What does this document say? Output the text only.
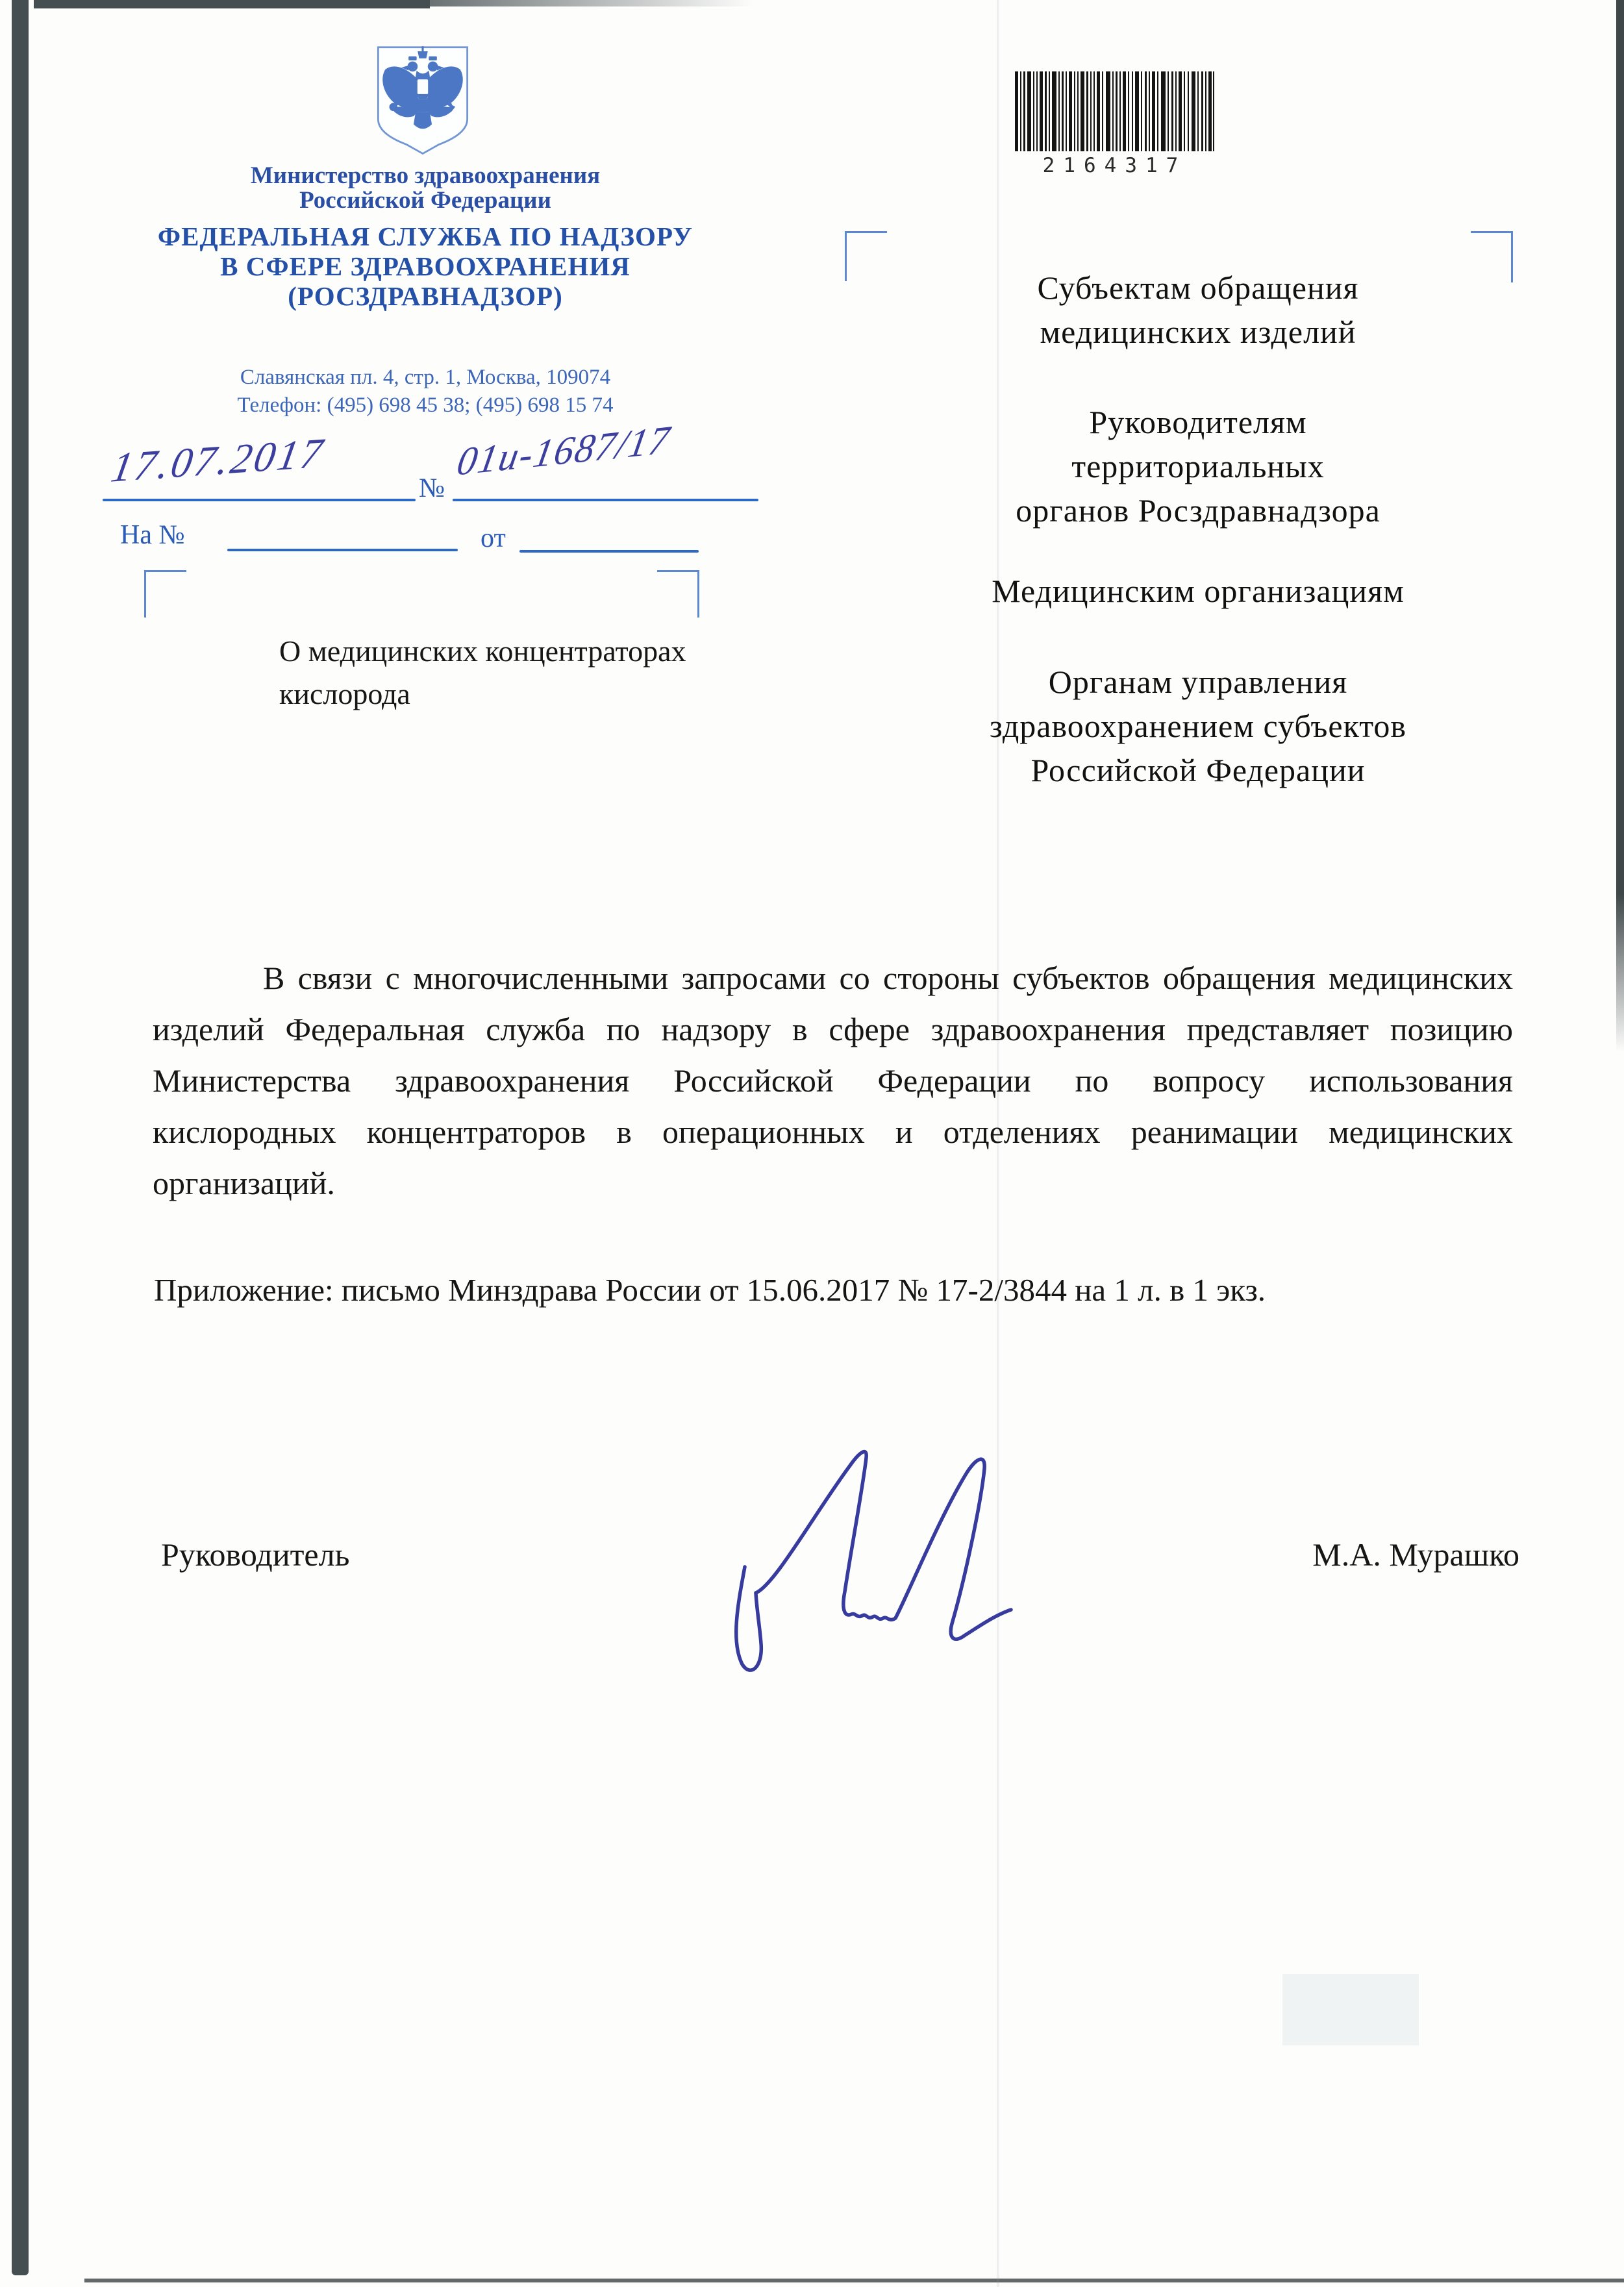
Министерство здравоохранения
Российской Федерации
ФЕДЕРАЛЬНАЯ СЛУЖБА ПО НАДЗОРУ
В СФЕРЕ ЗДРАВООХРАНЕНИЯ
(РОСЗДРАВНАДЗОР)
Славянская пл. 4, стр. 1, Москва, 109074
Телефон: (495) 698 45 38; (495) 698 15 74
2164317
17.07.2017	№
01и-1687/17
На №	от
О медицинских концентраторах
кислорода
Субъектам обращения
медицинских изделий
Руководителям
территориальных
органов Росздравнадзора
Медицинским организациям
Органам управления
здравоохранением субъектов
Российской Федерации
В связи с многочисленными запросами со стороны субъектов обращения медицинских изделий Федеральная служба по надзору в сфере здравоохранения представляет позицию Министерства здравоохранения Российской Федерации по вопросу использования кислородных концентраторов в операционных и отделениях реанимации медицинских организаций.
Приложение: письмо Минздрава России от 15.06.2017 № 17-2/3844 на 1 л. в 1 экз.
Руководитель	М.А. Мурашко
